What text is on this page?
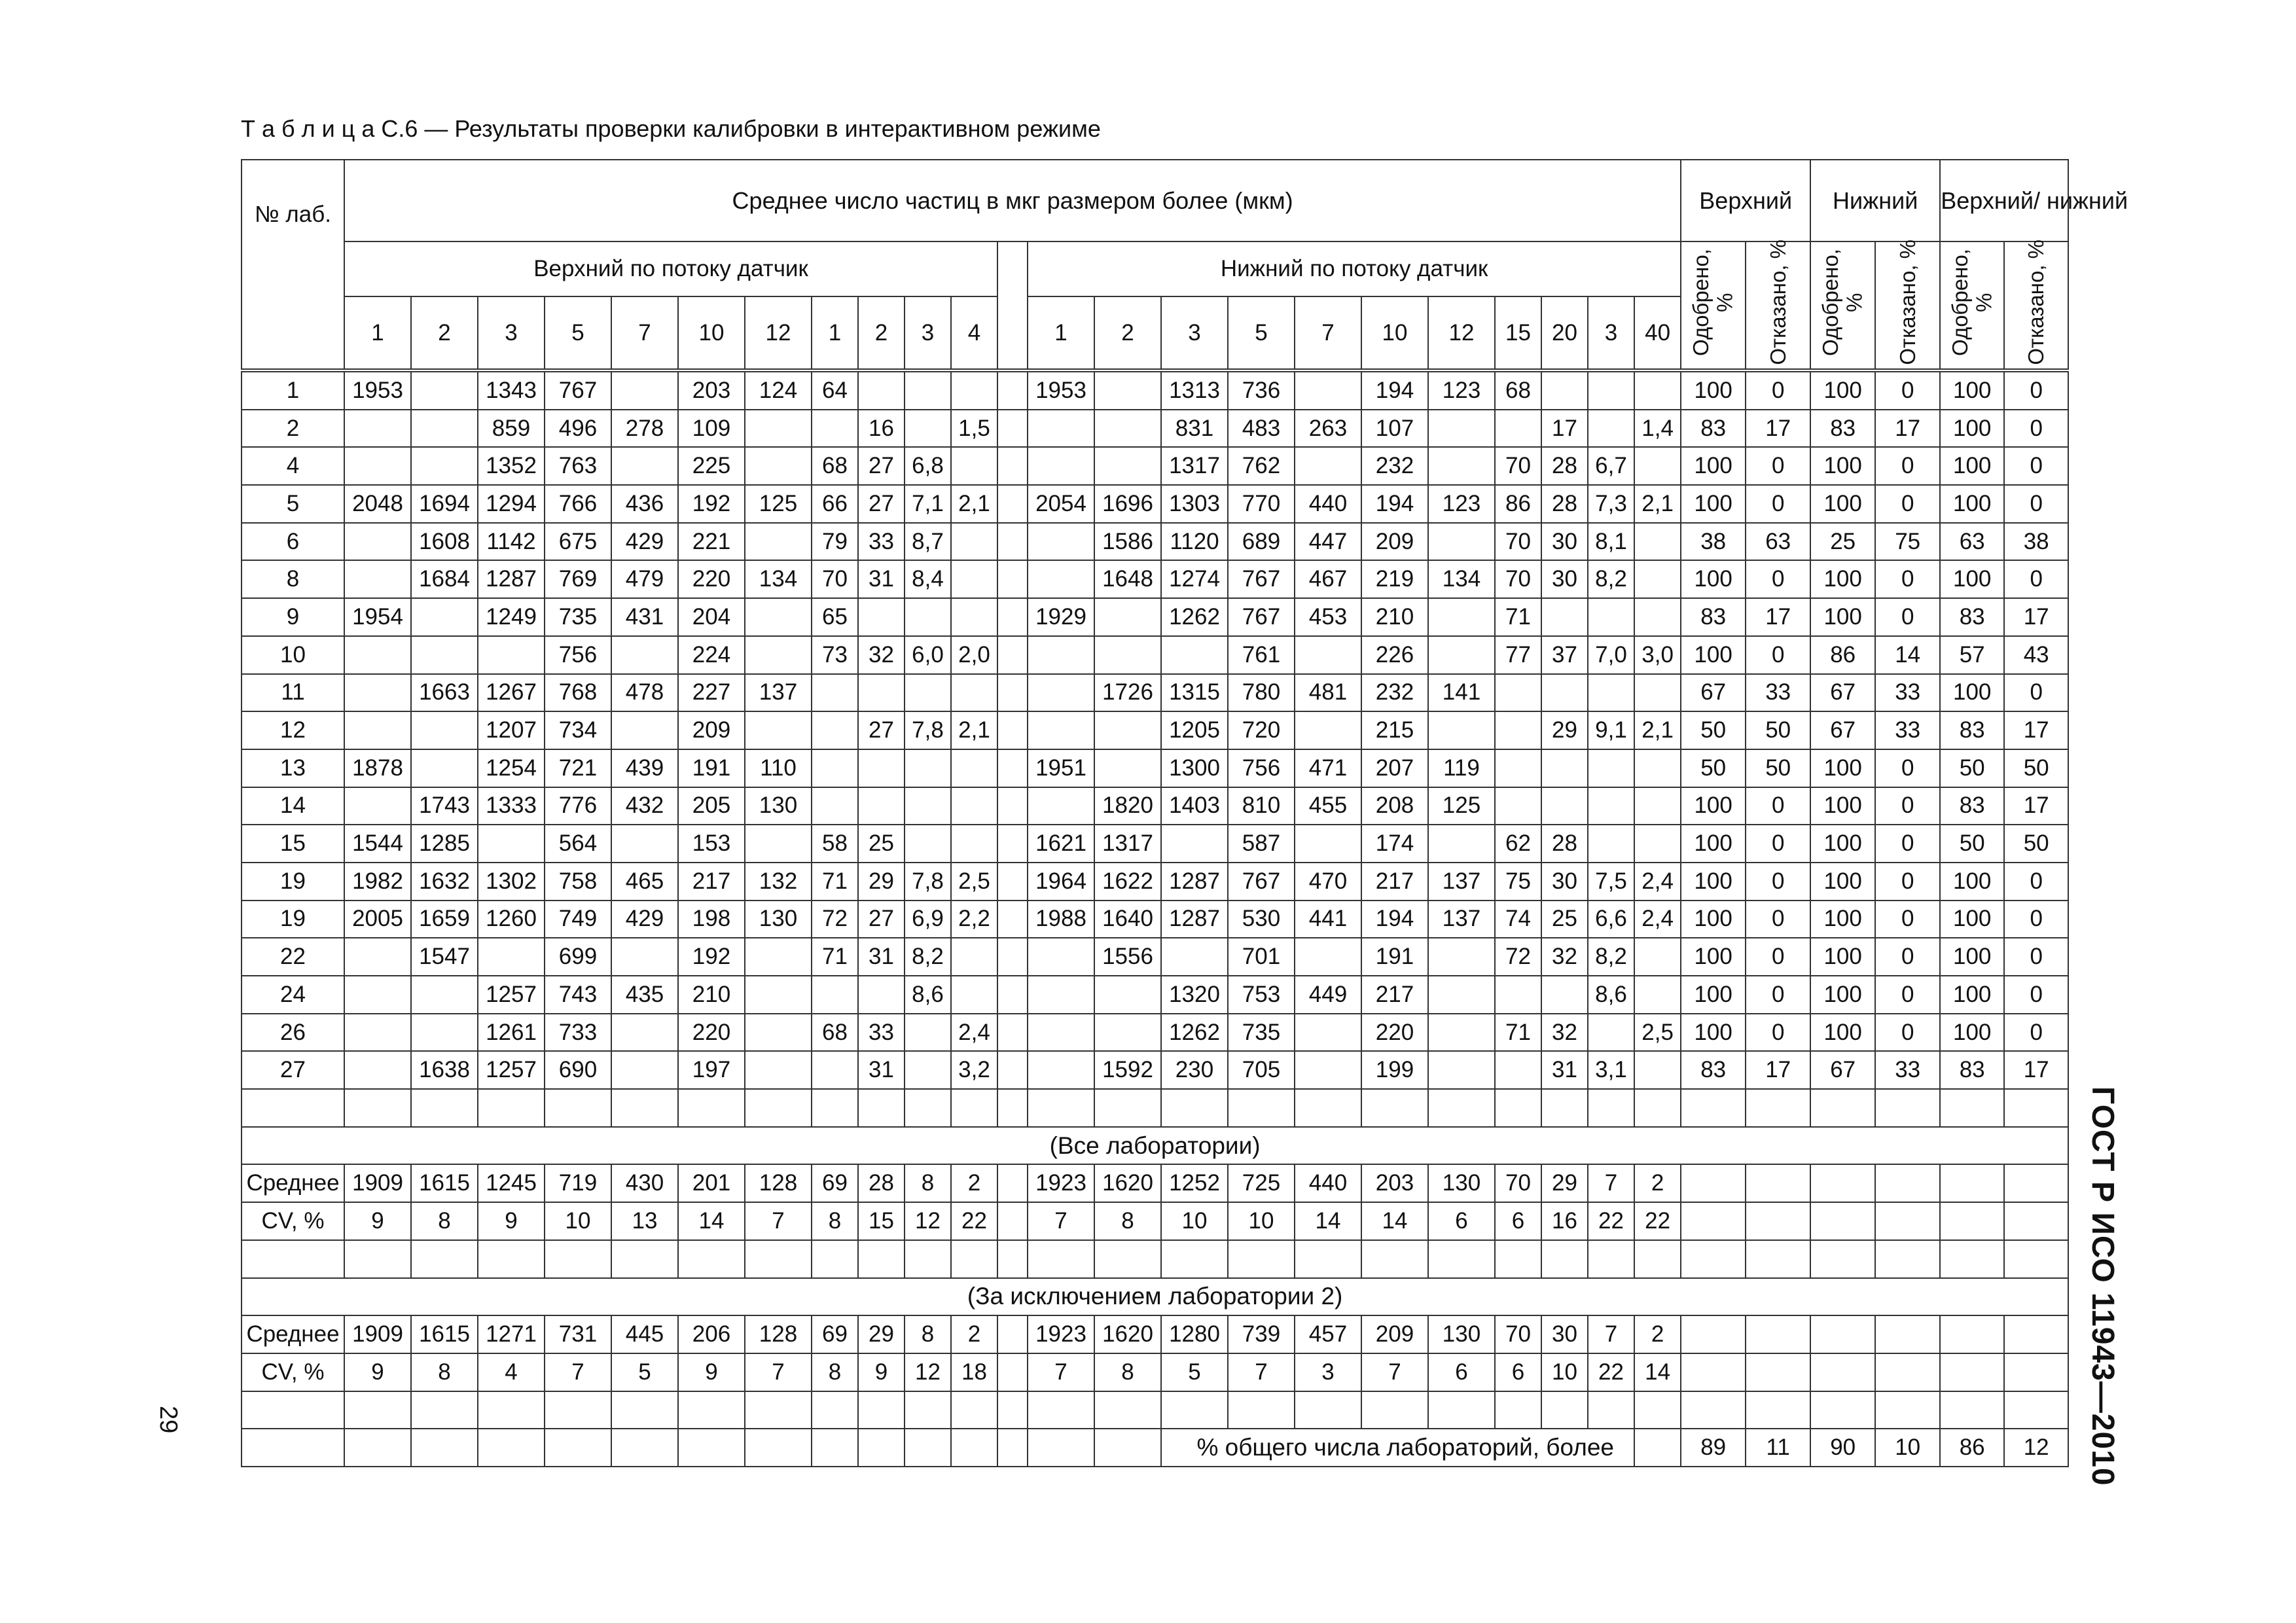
Т а б л и ц а С.6 — Результаты проверки калибровки в интерактивном режиме
№ лаб.	Среднее число частиц в мкг размером более (мкм)																							Верхний		Нижний		Верхний/ нижний	
	Верхний по потоку датчик												Нижний по потоку датчик											Одобрено, %	Отказано, %	Одобрено, %	Отказано, %	Одобрено, %	Отказано, %
	1	2	3	5	7	10	12	1	2	3	4		1	2	3	5	7	10	12	15	20	3	40						
1	1953		1343	767		203	124	64					1953		1313	736		194	123	68				100	0	100	0	100	0
2			859	496	278	109			16		1,5				831	483	263	107			17		1,4	83	17	83	17	100	0
4			1352	763		225		68	27	6,8					1317	762		232		70	28	6,7		100	0	100	0	100	0
5	2048	1694	1294	766	436	192	125	66	27	7,1	2,1		2054	1696	1303	770	440	194	123	86	28	7,3	2,1	100	0	100	0	100	0
6		1608	1142	675	429	221		79	33	8,7				1586	1120	689	447	209		70	30	8,1		38	63	25	75	63	38
8		1684	1287	769	479	220	134	70	31	8,4				1648	1274	767	467	219	134	70	30	8,2		100	0	100	0	100	0
9	1954		1249	735	431	204		65					1929		1262	767	453	210		71				83	17	100	0	83	17
10				756		224		73	32	6,0	2,0					761		226		77	37	7,0	3,0	100	0	86	14	57	43
11		1663	1267	768	478	227	137							1726	1315	780	481	232	141					67	33	67	33	100	0
12			1207	734		209			27	7,8	2,1				1205	720		215			29	9,1	2,1	50	50	67	33	83	17
13	1878		1254	721	439	191	110						1951		1300	756	471	207	119					50	50	100	0	50	50
14		1743	1333	776	432	205	130							1820	1403	810	455	208	125					100	0	100	0	83	17
15	1544	1285		564		153		58	25				1621	1317		587		174		62	28			100	0	100	0	50	50
19	1982	1632	1302	758	465	217	132	71	29	7,8	2,5		1964	1622	1287	767	470	217	137	75	30	7,5	2,4	100	0	100	0	100	0
19	2005	1659	1260	749	429	198	130	72	27	6,9	2,2		1988	1640	1287	530	441	194	137	74	25	6,6	2,4	100	0	100	0	100	0
22		1547		699		192		71	31	8,2				1556		701		191		72	32	8,2		100	0	100	0	100	0
24			1257	743	435	210				8,6					1320	753	449	217				8,6		100	0	100	0	100	0
26			1261	733		220		68	33		2,4				1262	735		220		71	32		2,5	100	0	100	0	100	0
27		1638	1257	690		197			31		3,2			1592	230	705		199			31	3,1		83	17	67	33	83	17

(Все лаборатории)																													
Среднее	1909	1615	1245	719	430	201	128	69	28	8	2		1923	1620	1252	725	440	203	130	70	29	7	2						
CV, %	9	8	9	10	13	14	7	8	15	12	22		7	8	10	10	14	14	6	6	16	22	22						

(За исключением лаборатории 2)																													
Среднее	1909	1615	1271	731	445	206	128	69	29	8	2		1923	1620	1280	739	457	209	130	70	30	7	2						
CV, %	9	8	4	7	5	9	7	8	9	12	18		7	8	5	7	3	7	6	6	10	22	14						

															% общего числа лабораторий, более									89	11	90	10	86	12
29	ГОСТ Р ИСО 11943—2010
